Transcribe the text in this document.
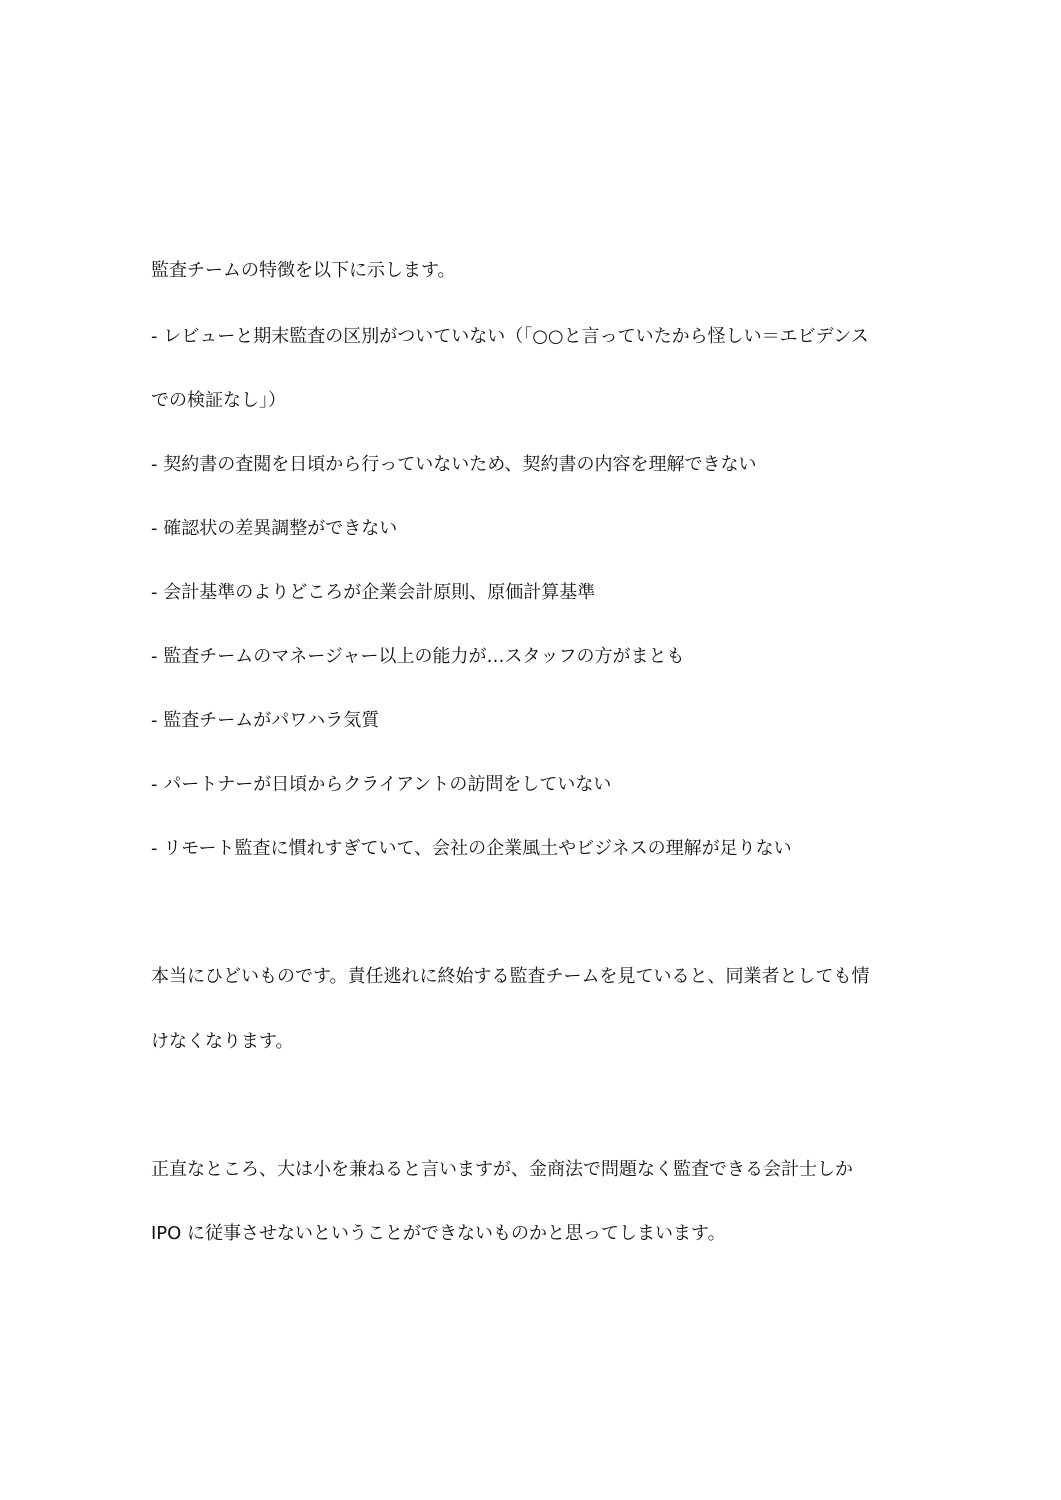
監査チームの特徴を以下に示します。
- レビューと期末監査の区別がついていない（「○○と言っていたから怪しい＝エビデンス
での検証なし」）
- 契約書の査閲を日頃から行っていないため、契約書の内容を理解できない
- 確認状の差異調整ができない
- 会計基準のよりどころが企業会計原則、原価計算基準
- 監査チームのマネージャー以上の能力が…スタッフの方がまとも
- 監査チームがパワハラ気質
- パートナーが日頃からクライアントの訪問をしていない
- リモート監査に慣れすぎていて、会社の企業風土やビジネスの理解が足りない
本当にひどいものです。責任逃れに終始する監査チームを見ていると、同業者としても情
けなくなります。
正直なところ、大は小を兼ねると言いますが、金商法で問題なく監査できる会計士しか
IPO に従事させないということができないものかと思ってしまいます。
